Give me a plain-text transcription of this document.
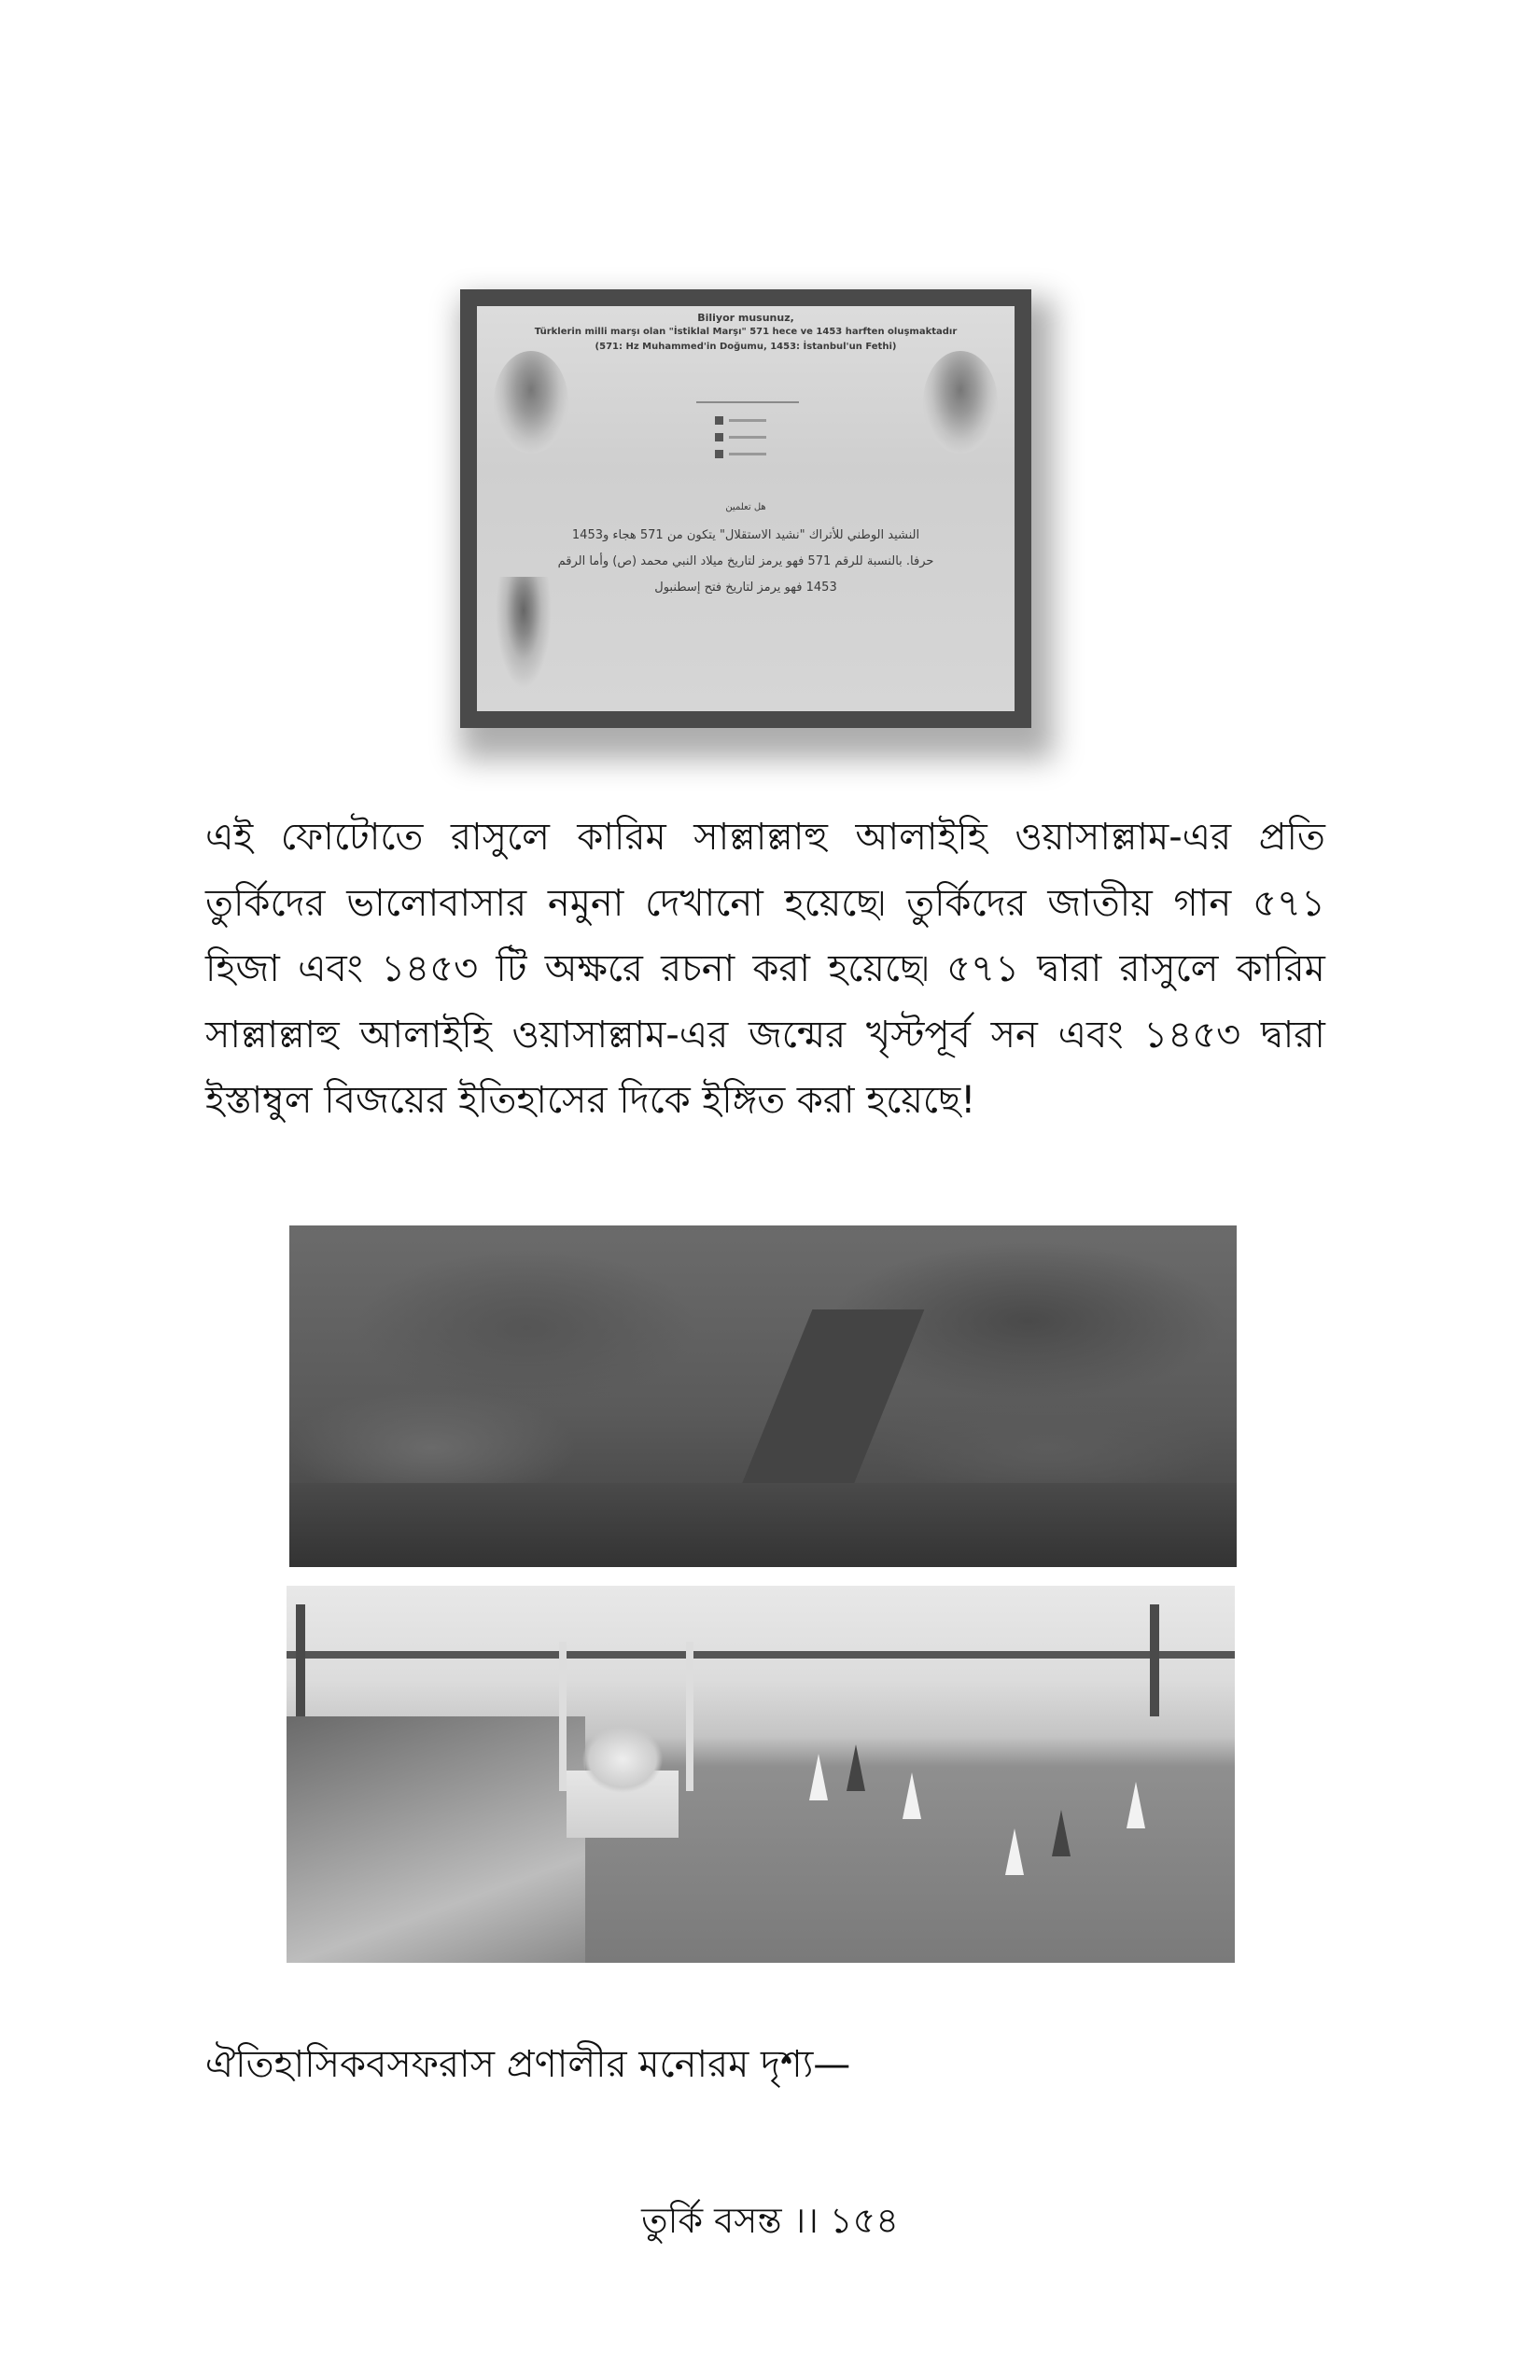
Biliyor musunuz,
Türklerin milli marşı olan "İstiklal Marşı" 571 hece ve 1453 harften oluşmaktadır
(571: Hz Muhammed'in Doğumu, 1453: İstanbul'un Fethi)
هل تعلمين
النشيد الوطني للأتراك "نشيد الاستقلال" يتكون من 571 هجاء و1453
حرفا. بالنسبة للرقم 571 فهو يرمز لتاريخ ميلاد النبي محمد (ص) وأما الرقم
1453 فهو يرمز لتاريخ فتح إسطنبول
এই ফোটোতে রাসুলে কারিম সাল্লাল্লাহু আলাইহি ওয়াসাল্লাম-এর প্রতি
তুর্কিদের ভালোবাসার নমুনা দেখানো হয়েছে৷ তুর্কিদের জাতীয় গান ৫৭১
হিজা এবং ১৪৫৩ টি অক্ষরে রচনা করা হয়েছে৷ ৫৭১ দ্বারা রাসুলে কারিম
সাল্লাল্লাহু আলাইহি ওয়াসাল্লাম-এর জন্মের খৃস্টপূর্ব সন এবং ১৪৫৩ দ্বারা
ইস্তাম্বুল বিজয়ের ইতিহাসের দিকে ইঙ্গিত করা হয়েছে!
ঐতিহাসিকবসফরাস প্রণালীর মনোরম দৃশ্য—
তুর্কি বসন্ত ।। ১৫৪
